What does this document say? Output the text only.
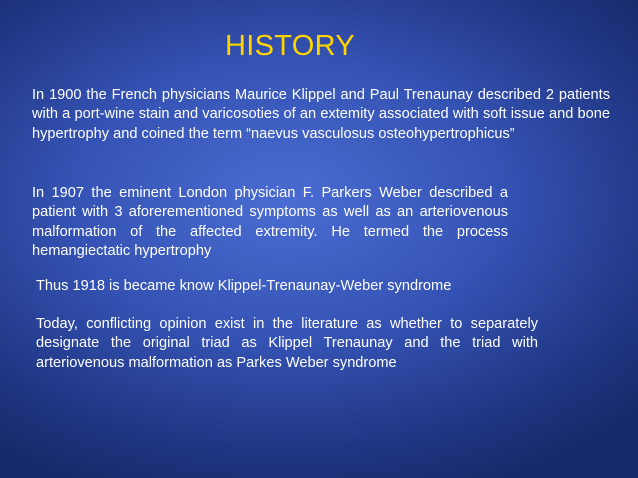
HISTORY

In 1900 the French physicians Maurice Klippel and Paul Trenaunay described 2 patients with a port-wine stain and varicosoties of an extemity associated with soft issue and bone hypertrophy and coined the term “naevus vasculosus osteohypertrophicus”

In 1907 the eminent London physician F. Parkers Weber described a patient with 3 aforerementioned symptoms as well as an arteriovenous malformation of the affected extremity. He termed the process hemangiectatic hypertrophy

Thus 1918 is became know Klippel-Trenaunay-Weber syndrome

Today, conflicting opinion exist in the literature as whether to separately designate the original triad as Klippel Trenaunay and the triad with arteriovenous malformation as Parkes Weber syndrome
